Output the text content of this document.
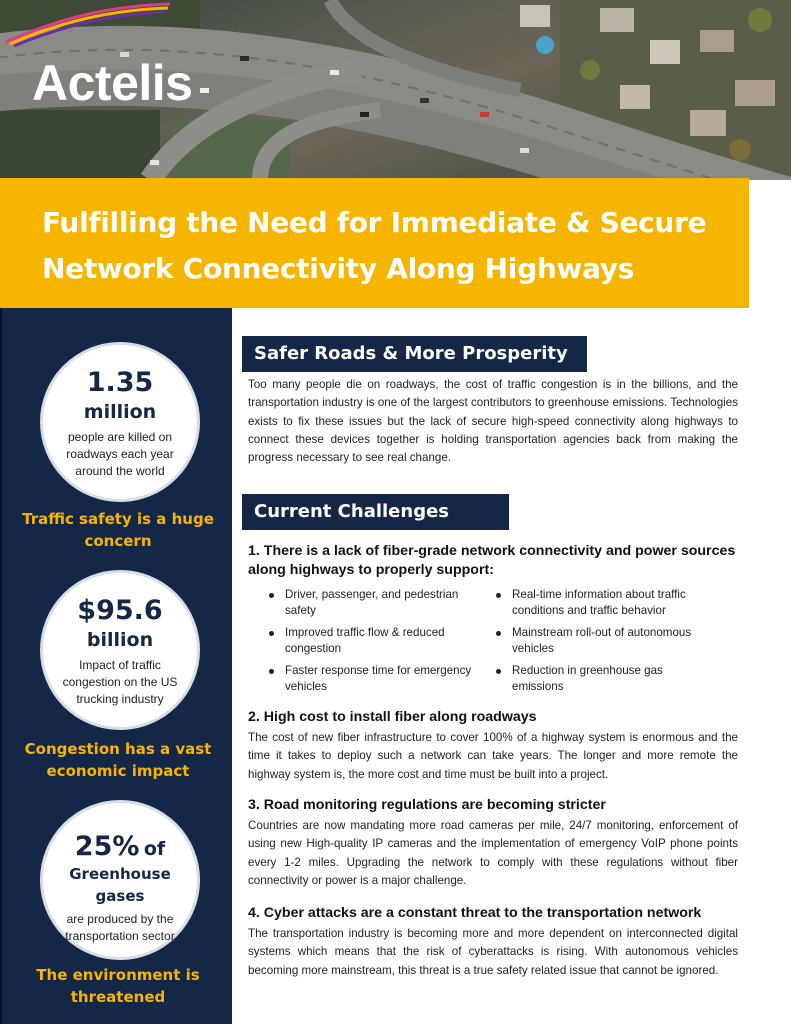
Actelis
Fulfilling the Need for Immediate & Secure
Network Connectivity Along Highways
1.35
million
people are killed on roadways each year around the world
Traffic safety is a huge concern
$95.6
billion
Impact of traffic congestion on the US trucking industry
Congestion has a vast economic impact
25% of
Greenhouse gases
are produced by the transportation sector
The environment is threatened
Safer Roads & More Prosperity
Too many people die on roadways, the cost of traffic congestion is in the billions, and the transportation industry is one of the largest contributors to greenhouse emissions. Technologies exists to fix these issues but the lack of secure high-speed connectivity along highways to connect these devices together is holding transportation agencies back from making the progress necessary to see real change.
Current Challenges
1. There is a lack of fiber-grade network connectivity and power sources along highways to properly support:
Driver, passenger, and pedestrian safety
Improved traffic flow & reduced congestion
Faster response time for emergency vehicles
Real-time information about traffic conditions and traffic behavior
Mainstream roll-out of autonomous vehicles
Reduction in greenhouse gas emissions
2. High cost to install fiber along roadways
The cost of new fiber infrastructure to cover 100% of a highway system is enormous and the time it takes to deploy such a network can take years. The longer and more remote the highway system is, the more cost and time must be built into a project.
3. Road monitoring regulations are becoming stricter
Countries are now mandating more road cameras per mile, 24/7 monitoring, enforcement of using new High-quality IP cameras and the implementation of emergency VoIP phone points every 1-2 miles. Upgrading the network to comply with these regulations without fiber connectivity or power is a major challenge.
4. Cyber attacks are a constant threat to the transportation network
The transportation industry is becoming more and more dependent on interconnected digital systems which means that the risk of cyberattacks is rising. With autonomous vehicles becoming more mainstream, this threat is a true safety related issue that cannot be ignored.
